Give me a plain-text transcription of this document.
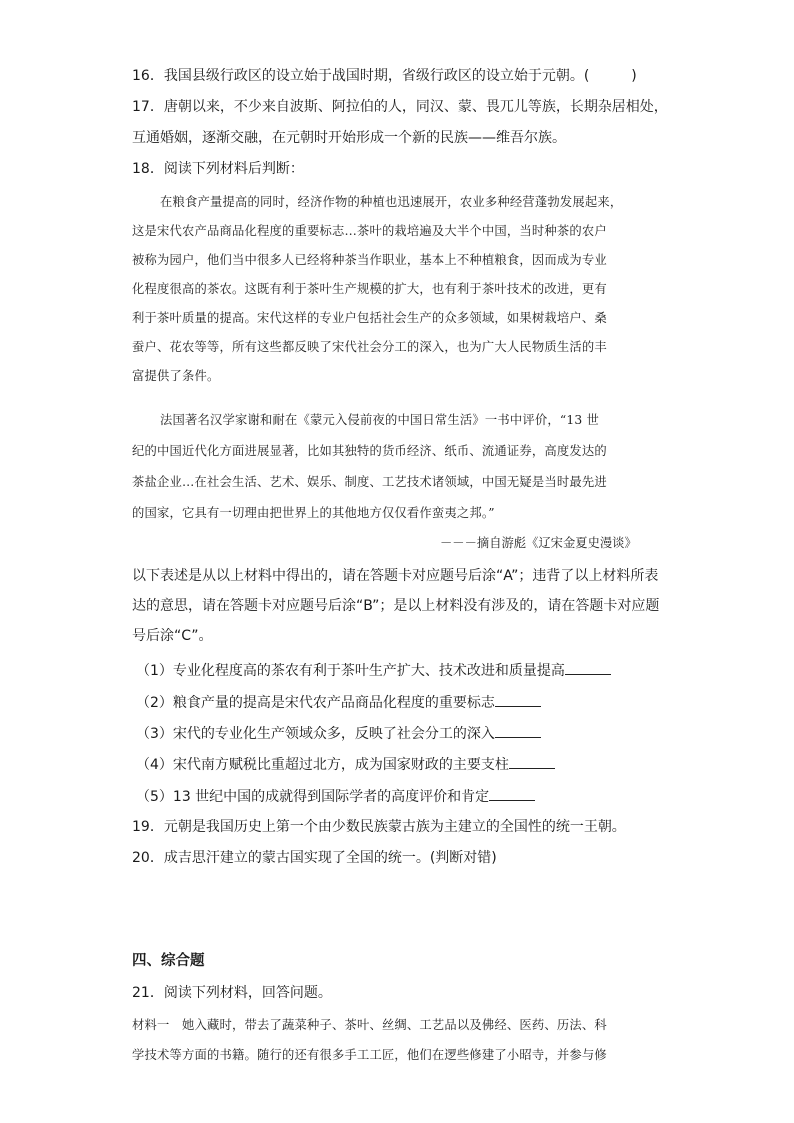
16．我国县级行政区的设立始于战国时期，省级行政区的设立始于元朝。(　　　)
17．唐朝以来，不少来自波斯、阿拉伯的人，同汉、蒙、畏兀儿等族，长期杂居相处，
互通婚姻，逐渐交融，在元朝时开始形成一个新的民族——维吾尔族。
18．阅读下列材料后判断：
在粮食产量提高的同时，经济作物的种植也迅速展开，农业多种经营蓬勃发展起来，
这是宋代农产品商品化程度的重要标志…茶叶的栽培遍及大半个中国，当时种茶的农户
被称为园户，他们当中很多人已经将种茶当作职业，基本上不种植粮食，因而成为专业
化程度很高的茶农。这既有利于茶叶生产规模的扩大，也有利于茶叶技术的改进，更有
利于茶叶质量的提高。宋代这样的专业户包括社会生产的众多领域，如果树栽培户、桑
蚕户、花农等等，所有这些都反映了宋代社会分工的深入，也为广大人民物质生活的丰
富提供了条件。
法国著名汉学家谢和耐在《蒙元入侵前夜的中国日常生活》一书中评价，“13 世
纪的中国近代化方面进展显著，比如其独特的货币经济、纸币、流通证券，高度发达的
茶盐企业…在社会生活、艺术、娱乐、制度、工艺技术诸领域，中国无疑是当时最先进
的国家，它具有一切理由把世界上的其他地方仅仅看作蛮夷之邦。”
－－－摘自游彪《辽宋金夏史漫谈》
以下表述是从以上材料中得出的，请在答题卡对应题号后涂“A”；违背了以上材料所表
达的意思，请在答题卡对应题号后涂“B”；是以上材料没有涉及的，请在答题卡对应题
号后涂“C”。
（1）专业化程度高的茶农有利于茶叶生产扩大、技术改进和质量提高
（2）粮食产量的提高是宋代农产品商品化程度的重要标志
（3）宋代的专业化生产领域众多，反映了社会分工的深入
（4）宋代南方赋税比重超过北方，成为国家财政的主要支柱
（5）13 世纪中国的成就得到国际学者的高度评价和肯定
19．元朝是我国历史上第一个由少数民族蒙古族为主建立的全国性的统一王朝。
20．成吉思汗建立的蒙古国实现了全国的统一。(判断对错)
四、综合题
21．阅读下列材料，回答问题。
材料一　她入藏时，带去了蔬菜种子、茶叶、丝绸、工艺品以及佛经、医药、历法、科
学技术等方面的书籍。随行的还有很多手工工匠，他们在逻些修建了小昭寺，并参与修
